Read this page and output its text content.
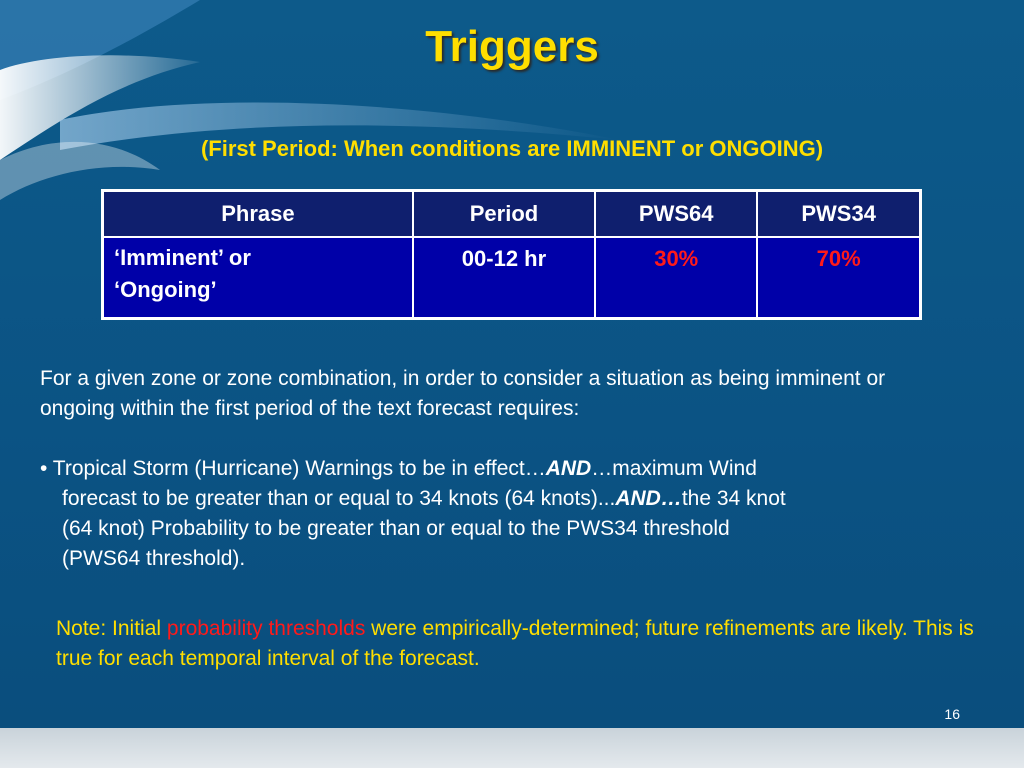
Triggers
(First Period: When conditions are IMMINENT or ONGOING)
Phrase	Period	PWS64	PWS34
‘Imminent’ or
‘Ongoing’	00-12 hr	30%	70%
For a given zone or zone combination, in order to consider a situation as being imminent or ongoing within the first period of the text forecast requires:
• Tropical Storm (Hurricane) Warnings to be in effect…AND…maximum Wind
forecast to be greater than or equal to 34 knots (64 knots)...AND…the 34 knot
(64 knot) Probability to be greater than or equal to the PWS34 threshold
(PWS64 threshold).
Note: Initial probability thresholds were empirically-determined; future refinements are likely. This is true for each temporal interval of the forecast.
16
